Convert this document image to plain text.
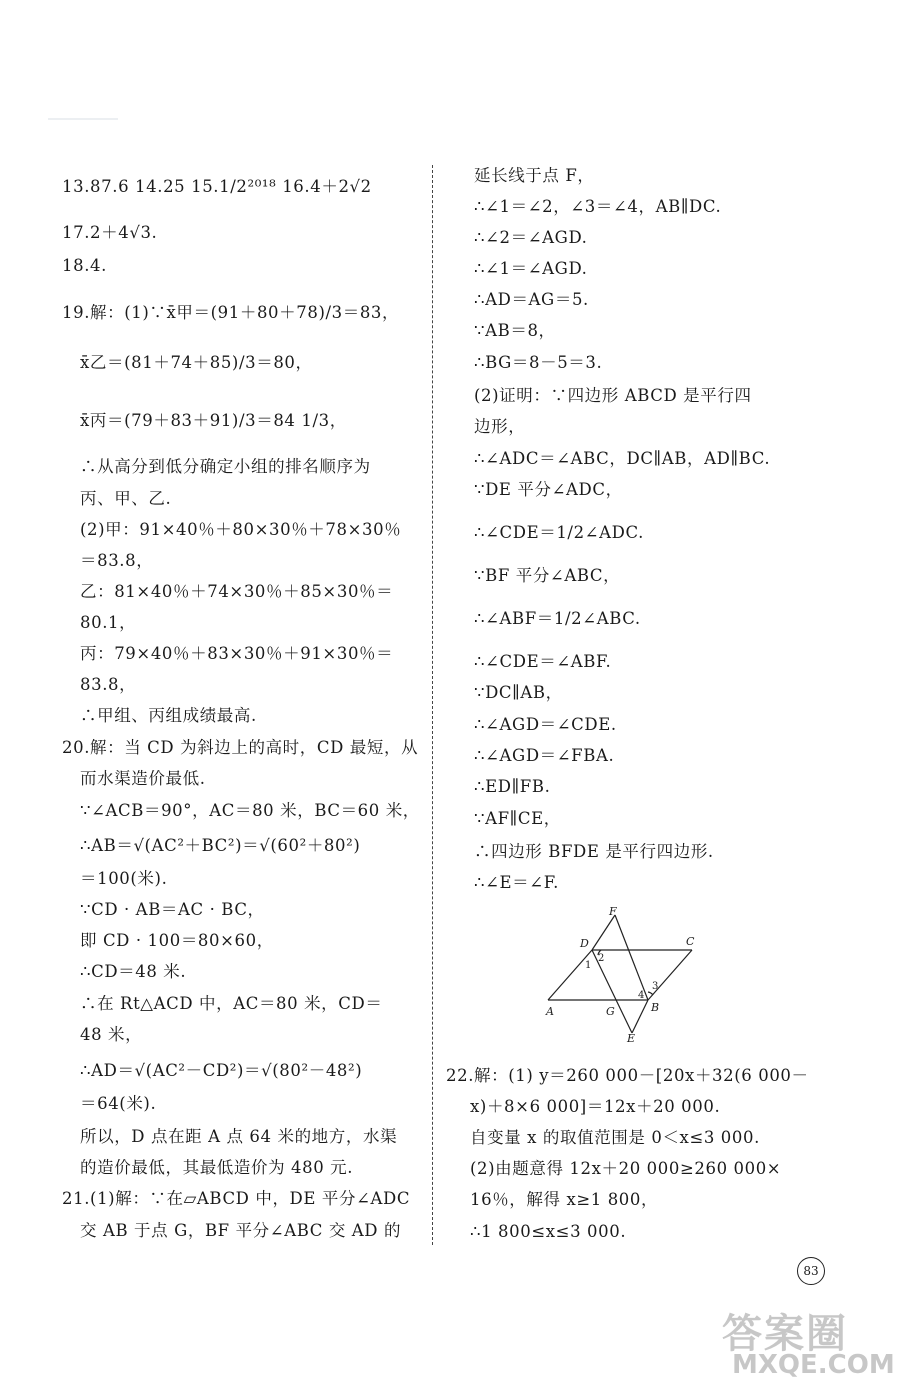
13.87.6 14.25 15.1/2²⁰¹⁸ 16.4＋2√2
17.2＋4√3.
18.4.
19.解：(1)∵x̄甲＝(91＋80＋78)/3＝83，
x̄乙＝(81＋74＋85)/3＝80，
x̄丙＝(79＋83＋91)/3＝84 1/3，
∴从高分到低分确定小组的排名顺序为
丙、甲、乙.
(2)甲：91×40％＋80×30％＋78×30％
＝83.8，
乙：81×40％＋74×30％＋85×30％＝
80.1，
丙：79×40％＋83×30％＋91×30％＝
83.8，
∴甲组、丙组成绩最高.
20.解：当 CD 为斜边上的高时，CD 最短，从
而水渠造价最低.
∵∠ACB＝90°，AC＝80 米，BC＝60 米，
∴AB＝√(AC²＋BC²)＝√(60²＋80²)
＝100(米).
∵CD · AB＝AC · BC，
即 CD · 100＝80×60，
∴CD＝48 米.
∴在 Rt△ACD 中，AC＝80 米，CD＝
48 米，
∴AD＝√(AC²－CD²)＝√(80²－48²)
＝64(米).
所以，D 点在距 A 点 64 米的地方，水渠
的造价最低，其最低造价为 480 元.
21.(1)解：∵在▱ABCD 中，DE 平分∠ADC
交 AB 于点 G，BF 平分∠ABC 交 AD 的
延长线于点 F，
∴∠1＝∠2，∠3＝∠4，AB∥DC.
∴∠2＝∠AGD.
∴∠1＝∠AGD.
∴AD＝AG＝5.
∵AB＝8，
∴BG＝8－5＝3.
(2)证明：∵四边形 ABCD 是平行四
边形，
∴∠ADC＝∠ABC，DC∥AB，AD∥BC.
∵DE 平分∠ADC，
∴∠CDE＝1/2∠ADC.
∵BF 平分∠ABC，
∴∠ABF＝1/2∠ABC.
∴∠CDE＝∠ABF.
∵DC∥AB，
∴∠AGD＝∠CDE.
∴∠AGD＝∠FBA.
∴ED∥FB.
∵AF∥CE，
∴四边形 BFDE 是平行四边形.
∴∠E＝∠F.
22.解：(1) y＝260 000－[20x＋32(6 000－
x)＋8×6 000]＝12x＋20 000.
自变量 x 的取值范围是 0＜x≤3 000.
(2)由题意得 12x＋20 000≥260 000×
16％，解得 x≥1 800，
∴1 800≤x≤3 000.
F
D	C
A	G	B
E
1
2
3
4
83
答案圈
MXQE.COM
